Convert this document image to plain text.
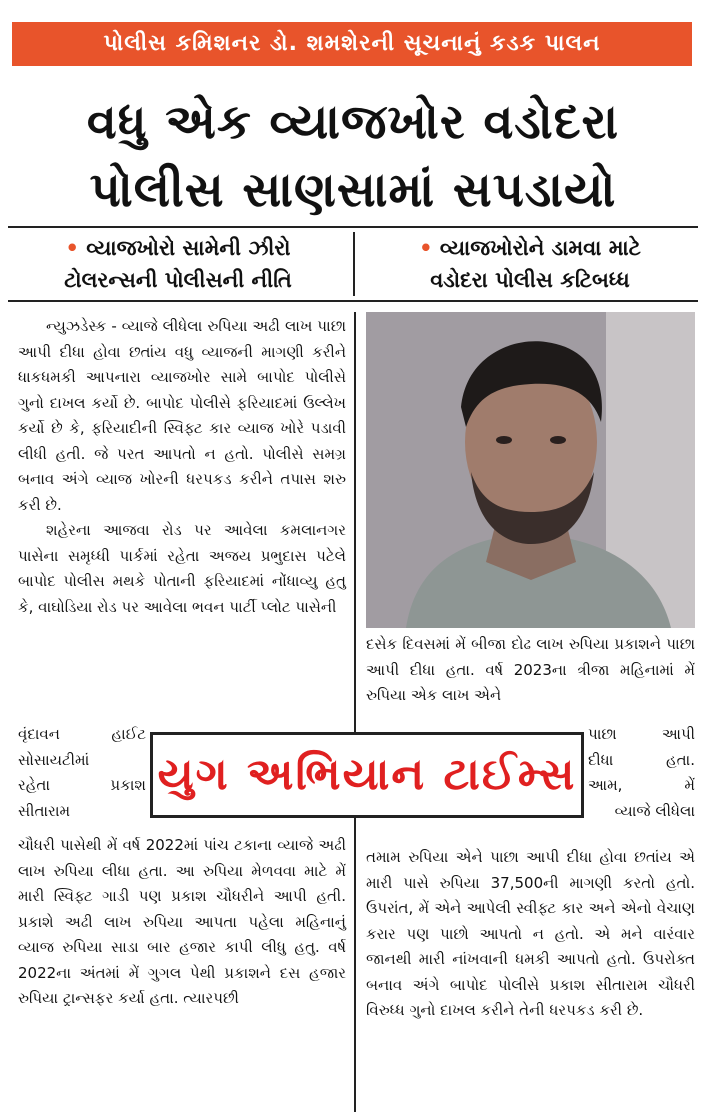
પોલીસ કમિશનર ડો. શમશેરની સૂચનાનું કડક પાલન
વધુ એક વ્યાજખોર વડોદરા
પોલીસ સાણસામાં સપડાયો
• વ્યાજખોરો સામેની ઝીરો
ટોલરન્સની પોલીસની નીતિ
• વ્યાજખોરોને ડામવા માટે
વડોદરા પોલીસ કટિબધ્ધ

ન્યુઝડેસ્ક - વ્યાજે લીધેલા રુપિયા અઢી લાખ પાછા આપી દીધા હોવા છતાંય વધુ વ્યાજની માગણી કરીને ધાકધમકી આપનારા વ્યાજખોર સામે બાપોદ પોલીસે ગુનો દાખલ કર્યો છે. બાપોદ પોલીસે ફરિયાદમાં ઉલ્લેખ કર્યો છે કે, ફરિયાદીની સ્વિફ્ટ કાર વ્યાજ ખોરે પડાવી લીધી હતી. જે પરત આપતો ન હતો. પોલીસે સમગ્ર બનાવ અંગે વ્યાજ ખોરની ધરપકડ કરીને તપાસ શરુ કરી છે.

શહેરના આજવા રોડ પર આવેલા કમલાનગર પાસેના સમૃધ્ધી પાર્કમાં રહેતા અજય પ્રભુદાસ પટેલે બાપોદ પોલીસ મથકે પોતાની ફરિયાદમાં નોંધાવ્યુ હતુ કે, વાઘોડિયા રોડ પર આવેલા ભવન પાર્ટી પ્લોટ પાસેની

વૃંદાવન હાઈટ

સોસાયટીમાં

રહેતા પ્રકાશ

સીતારામ

ચૌધરી પાસેથી મેં વર્ષ 2022માં પાંચ ટકાના વ્યાજે અઢી લાખ રુપિયા લીધા હતા. આ રુપિયા મેળવવા માટે મેં મારી સ્વિફ્ટ ગાડી પણ પ્રકાશ ચૌધરીને આપી હતી. પ્રકાશે અઢી લાખ રુપિયા આપતા પહેલા મહિનાનું વ્યાજ રુપિયા સાડા બાર હજાર કાપી લીધુ હતુ. વર્ષ 2022ના અંતમાં મેં ગુગલ પેથી પ્રકાશને દસ હજાર રુપિયા ટ્રાન્સફર કર્યા હતા. ત્યારપછી

દસેક દિવસમાં મેં બીજા દોઢ લાખ રુપિયા પ્રકાશને પાછા આપી દીધા હતા. વર્ષ 2023ના ત્રીજા મહિનામાં મેં રુપિયા એક લાખ એને

પાછા આપી

દીધા હતા.

આમ, મેં

વ્યાજે લીધેલા

તમામ રુપિયા એને પાછા આપી દીધા હોવા છતાંય એ મારી પાસે રુપિયા 37,500ની માગણી કરતો હતો. ઉપરાંત, મેં એને આપેલી સ્વીફ્ટ કાર અને એનો વેચાણ કરાર પણ પાછો આપતો ન હતો. એ મને વારંવાર જાનથી મારી નાંખવાની ધમકી આપતો હતો. ઉપરોક્ત બનાવ અંગે બાપોદ પોલીસે પ્રકાશ સીતારામ ચૌધરી વિરુધ્ધ ગુનો દાખલ કરીને તેની ધરપકડ કરી છે.

યુગ અભિયાન ટાઈમ્સ
